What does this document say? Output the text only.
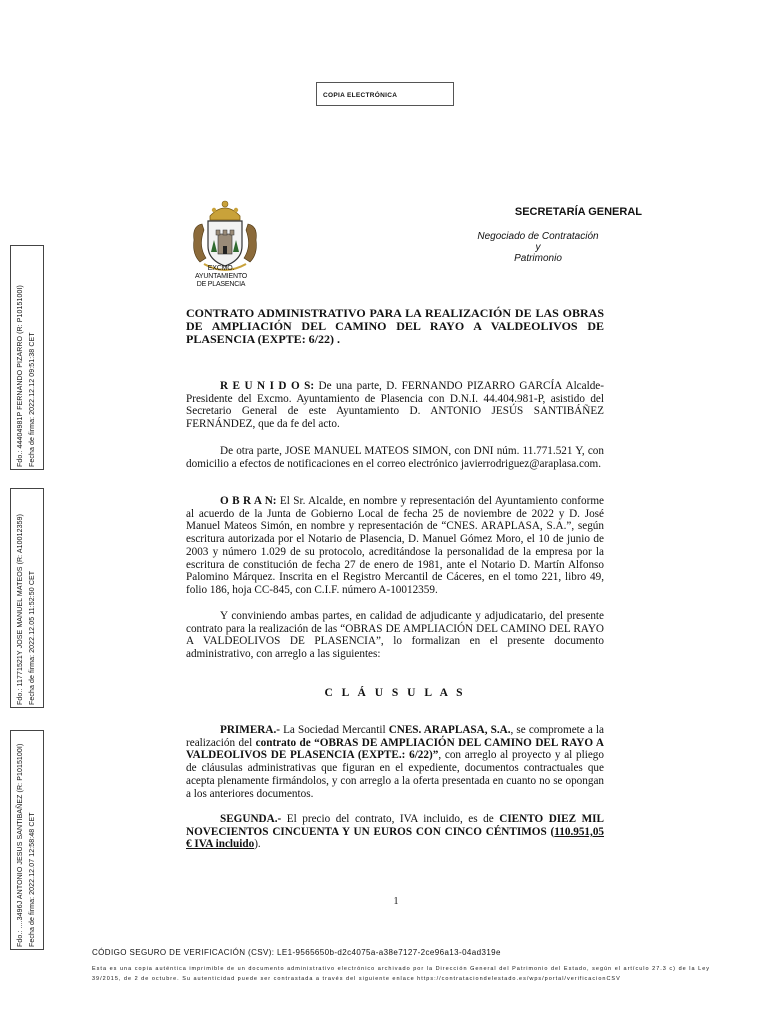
COPIA ELECTRÓNICA
EXCMO. AYUNTAMIENTO
DE PLASENCIA
SECRETARÍA GENERAL
Negociado de Contratación
y
Patrimonio
CONTRATO ADMINISTRATIVO PARA LA REALIZACIÓN DE LAS OBRAS DE AMPLIACIÓN DEL CAMINO DEL RAYO A VALDEOLIVOS DE PLASENCIA (EXPTE: 6/22) .
R E U N I D O S: De una parte, D. FERNANDO PIZARRO GARCÍA Alcalde-Presidente del Excmo. Ayuntamiento de Plasencia con D.N.I. 44.404.981-P, asistido del Secretario General de este Ayuntamiento D. ANTONIO JESÚS SANTIBÁÑEZ FERNÁNDEZ, que da fe del acto.
De otra parte, JOSE MANUEL MATEOS SIMON, con DNI núm. 11.771.521 Y, con domicilio a efectos de notificaciones en el correo electrónico javierrodriguez@araplasa.com.
O B R A N: El Sr. Alcalde, en nombre y representación del Ayuntamiento conforme al acuerdo de la Junta de Gobierno Local de fecha 25 de noviembre de 2022 y D. José Manuel Mateos Simón, en nombre y representación de “CNES. ARAPLASA, S.A.”, según escritura autorizada por el Notario de Plasencia, D. Manuel Gómez Moro, el 10 de junio de 2003 y número 1.029 de su protocolo, acreditándose la personalidad de la empresa por la escritura de constitución de fecha 27 de enero de 1981, ante el Notario D. Martín Alfonso Palomino Márquez. Inscrita en el Registro Mercantil de Cáceres, en el tomo 221, libro 49, folio 186, hoja CC-845, con C.I.F. número A-10012359.
Y conviniendo ambas partes, en calidad de adjudicante y adjudicatario, del presente contrato para la realización de las “OBRAS DE AMPLIACIÓN DEL CAMINO DEL RAYO A VALDEOLIVOS DE PLASENCIA”, lo formalizan en el presente documento administrativo, con arreglo a las siguientes:
C L Á U S U L A S
PRIMERA.- La Sociedad Mercantil CNES. ARAPLASA, S.A., se compromete a la realización del contrato de “OBRAS DE AMPLIACIÓN DEL CAMINO DEL RAYO A VALDEOLIVOS DE PLASENCIA (EXPTE.: 6/22)”, con arreglo al proyecto y al pliego de cláusulas administrativas que figuran en el expediente, documentos contractuales que acepta plenamente firmándolos, y con arreglo a la oferta presentada en cuanto no se opongan a los anteriores documentos.
SEGUNDA.- El precio del contrato, IVA incluido, es de CIENTO DIEZ MIL NOVECIENTOS CINCUENTA Y UN EUROS CON CINCO CÉNTIMOS (110.951,05 € IVA incluido).
1
Fdo.: 44404981P FERNANDO PIZARRO (R: P1015100I) Fecha de firma: 2022.12.12 09:51:38 CET
Fdo.: 11771521Y JOSE MANUEL MATEOS (R: A10012359) Fecha de firma: 2022.12.05 11:52:50 CET
Fdo.: ....3496J ANTONIO JESUS SANTIBAÑEZ (R: P1015100I) Fecha de firma: 2022.12.07 12:58:48 CET
CÓDIGO SEGURO DE VERIFICACIÓN (CSV): LE1-9565650b-d2c4075a-a38e7127-2ce96a13-04ad319e
Esta es una copia auténtica imprimible de un documento administrativo electrónico archivado por la Dirección General del Patrimonio del Estado, según el artículo 27.3 c) de la Ley 39/2015, de 2 de octubre. Su autenticidad puede ser contrastada a través del siguiente enlace https://contrataciondelestado.es/wps/portal/verificacionCSV
